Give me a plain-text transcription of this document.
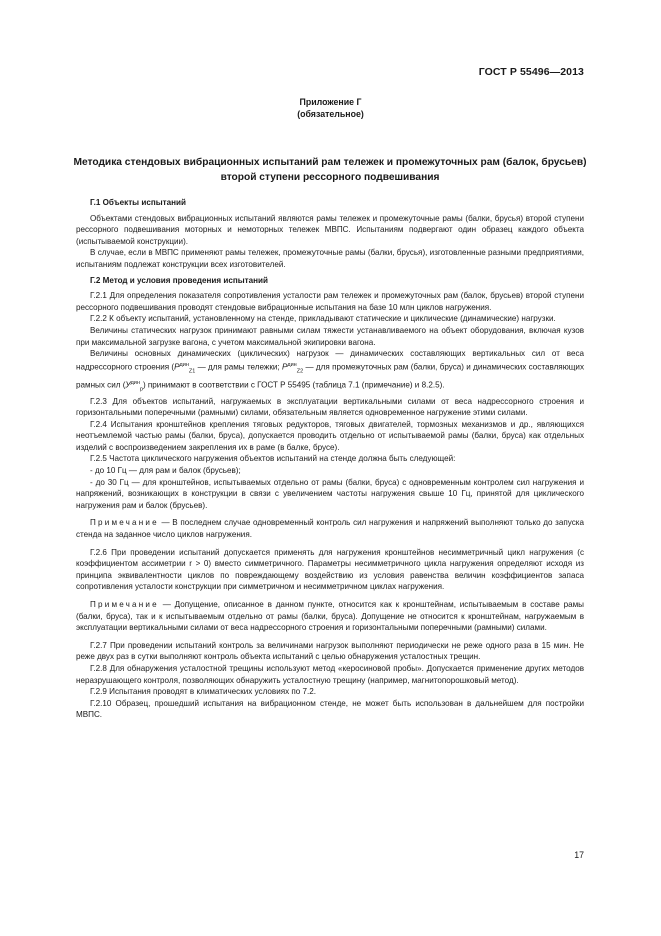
ГОСТ Р 55496—2013
Приложение Г
(обязательное)
Методика стендовых вибрационных испытаний рам тележек и промежуточных рам (балок, брусьев) второй ступени рессорного подвешивания
Г.1 Объекты испытаний

Объектами стендовых вибрационных испытаний являются рамы тележек и промежуточные рамы (балки, брусья) второй ступени рессорного подвешивания моторных и немоторных тележек МВПС. Испытаниям подвергают один образец каждого объекта (испытываемой конструкции).

В случае, если в МВПС применяют рамы тележек, промежуточные рамы (балки, брусья), изготовленные разными предприятиями, испытаниям подлежат конструкции всех изготовителей.

Г.2 Метод и условия проведения испытаний

Г.2.1 Для определения показателя сопротивления усталости рам тележек и промежуточных рам (балок, брусьев) второй ступени рессорного подвешивания проводят стендовые вибрационные испытания на базе 10 млн циклов нагружения.

Г.2.2 К объекту испытаний, установленному на стенде, прикладывают статические и циклические (динамические) нагрузки.

Величины статических нагрузок принимают равными силам тяжести устанавливаемого на объект оборудования, включая кузов при максимальной загрузке вагона, с учетом максимальной экипировки вагона.

Величины основных динамических (циклических) нагрузок — динамических составляющих вертикальных сил от веса надрессорного строения ($P^{дин}_{Z1}$ — для рамы тележки; $P^{дин}_{Z2}$ — для промежуточных рам (балки, бруса) и динамических составляющих рамных сил $(У^{дин}_р)$ принимают в соответствии с ГОСТ Р 55495 (таблица 7.1 (примечание) и 8.2.5).

Г.2.3 Для объектов испытаний, нагружаемых в эксплуатации вертикальными силами от веса надрессорного строения и горизонтальными поперечными (рамными) силами, обязательным является одновременное нагружение этими силами.

Г.2.4 Испытания кронштейнов крепления тяговых редукторов, тяговых двигателей, тормозных механизмов и др., являющихся неотъемлемой частью рамы (балки, бруса), допускается проводить отдельно от испытываемой рамы (балки, бруса) как отдельных изделий с воспроизведением закрепления их в раме (в балке, брусе).

Г.2.5 Частота циклического нагружения объектов испытаний на стенде должна быть следующей:

- до 10 Гц — для рам и балок (брусьев);

- до 30 Гц — для кронштейнов, испытываемых отдельно от рамы (балки, бруса) с одновременным контролем сил нагружения и напряжений, возникающих в конструкции в связи с увеличением частоты нагружения свыше 10 Гц, принятой для циклического нагружения рам и балок (брусьев).

Примечание — В последнем случае одновременный контроль сил нагружения и напряжений выполняют только до запуска стенда на заданное число циклов нагружения.

Г.2.6 При проведении испытаний допускается применять для нагружения кронштейнов несимметричный цикл нагружения (с коэффициентом ассиметрии r > 0) вместо симметричного. Параметры несимметричного цикла нагружения определяют исходя из принципа эквивалентности циклов по повреждающему воздействию из условия равенства величин коэффициентов запаса сопротивления усталости конструкции при симметричном и несимметричном циклах нагружения.

Примечание — Допущение, описанное в данном пункте, относится как к кронштейнам, испытываемым в составе рамы (балки, бруса), так и к испытываемым отдельно от рамы (балки, бруса). Допущение не относится к кронштейнам, нагружаемым в эксплуатации вертикальными силами от веса надрессорного строения и горизонтальными поперечными (рамными) силами.

Г.2.7 При проведении испытаний контроль за величинами нагрузок выполняют периодически не реже одного раза в 15 мин. Не реже двух раз в сутки выполняют контроль объекта испытаний с целью обнаружения усталостных трещин.

Г.2.8 Для обнаружения усталостной трещины используют метод «керосиновой пробы». Допускается применение других методов неразрушающего контроля, позволяющих обнаружить усталостную трещину (например, магнитопорошковый метод).

Г.2.9 Испытания проводят в климатических условиях по 7.2.

Г.2.10 Образец, прошедший испытания на вибрационном стенде, не может быть использован в дальнейшем для постройки МВПС.

17
